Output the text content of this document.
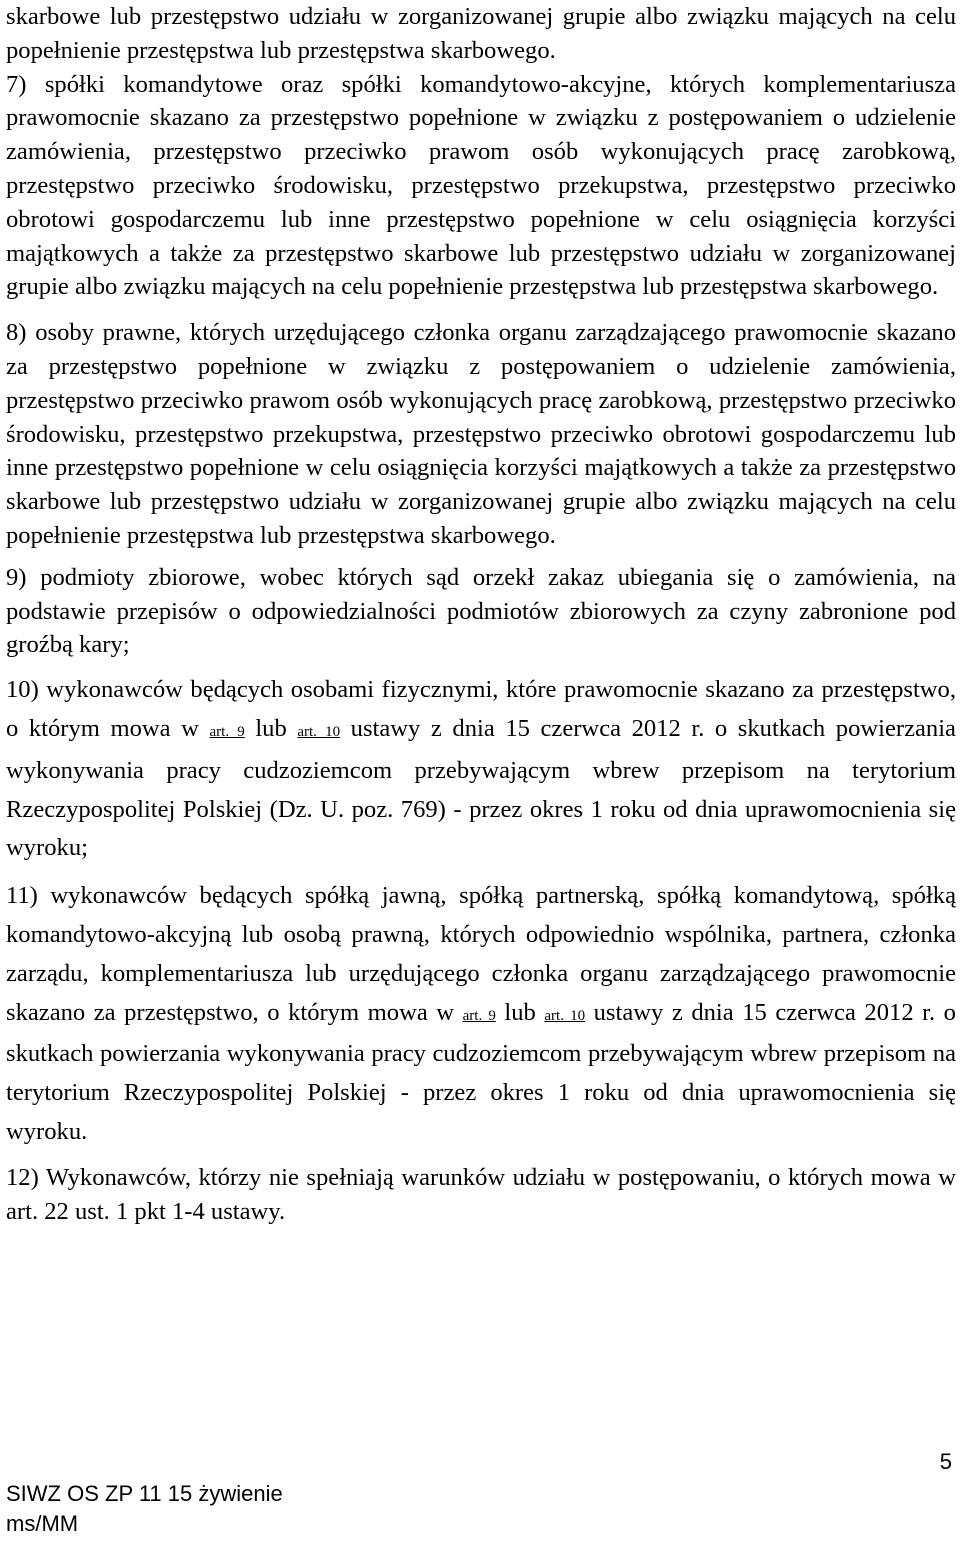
skarbowe lub przestępstwo udziału w zorganizowanej grupie albo związku mających na celu popełnienie przestępstwa lub przestępstwa skarbowego.

7) spółki komandytowe oraz spółki komandytowo-akcyjne, których komplementariusza prawomocnie skazano za przestępstwo popełnione w związku z postępowaniem o udzielenie zamówienia, przestępstwo przeciwko prawom osób wykonujących pracę zarobkową, przestępstwo przeciwko środowisku, przestępstwo przekupstwa, przestępstwo przeciwko obrotowi gospodarczemu lub inne przestępstwo popełnione w celu osiągnięcia korzyści majątkowych a także za przestępstwo skarbowe lub przestępstwo udziału w zorganizowanej grupie albo związku mających na celu popełnienie przestępstwa lub przestępstwa skarbowego.

8) osoby prawne, których urzędującego członka organu zarządzającego prawomocnie skazano za przestępstwo popełnione w związku z postępowaniem o udzielenie zamówienia, przestępstwo przeciwko prawom osób wykonujących pracę zarobkową, przestępstwo przeciwko środowisku, przestępstwo przekupstwa, przestępstwo przeciwko obrotowi gospodarczemu lub inne przestępstwo popełnione w celu osiągnięcia korzyści majątkowych a także za przestępstwo skarbowe lub przestępstwo udziału w zorganizowanej grupie albo związku mających na celu popełnienie przestępstwa lub przestępstwa skarbowego.

9) podmioty zbiorowe, wobec których sąd orzekł zakaz ubiegania się o zamówienia, na podstawie przepisów o odpowiedzialności podmiotów zbiorowych za czyny zabronione pod groźbą kary;

10) wykonawców będących osobami fizycznymi, które prawomocnie skazano za przestępstwo, o którym mowa w art. 9 lub art. 10 ustawy z dnia 15 czerwca 2012 r. o skutkach powierzania wykonywania pracy cudzoziemcom przebywającym wbrew przepisom na terytorium Rzeczypospolitej Polskiej (Dz. U. poz. 769) - przez okres 1 roku od dnia uprawomocnienia się wyroku;

11) wykonawców będących spółką jawną, spółką partnerską, spółką komandytową, spółką komandytowo-akcyjną lub osobą prawną, których odpowiednio wspólnika, partnera, członka zarządu, komplementariusza lub urzędującego członka organu zarządzającego prawomocnie skazano za przestępstwo, o którym mowa w art. 9 lub art. 10 ustawy z dnia 15 czerwca 2012 r. o skutkach powierzania wykonywania pracy cudzoziemcom przebywającym wbrew przepisom na terytorium Rzeczypospolitej Polskiej - przez okres 1 roku od dnia uprawomocnienia się wyroku.

12) Wykonawców, którzy nie spełniają warunków udziału w postępowaniu, o których mowa w art. 22 ust. 1 pkt 1-4 ustawy.

SIWZ OS ZP 11 15 żywienie
ms/MM
5
